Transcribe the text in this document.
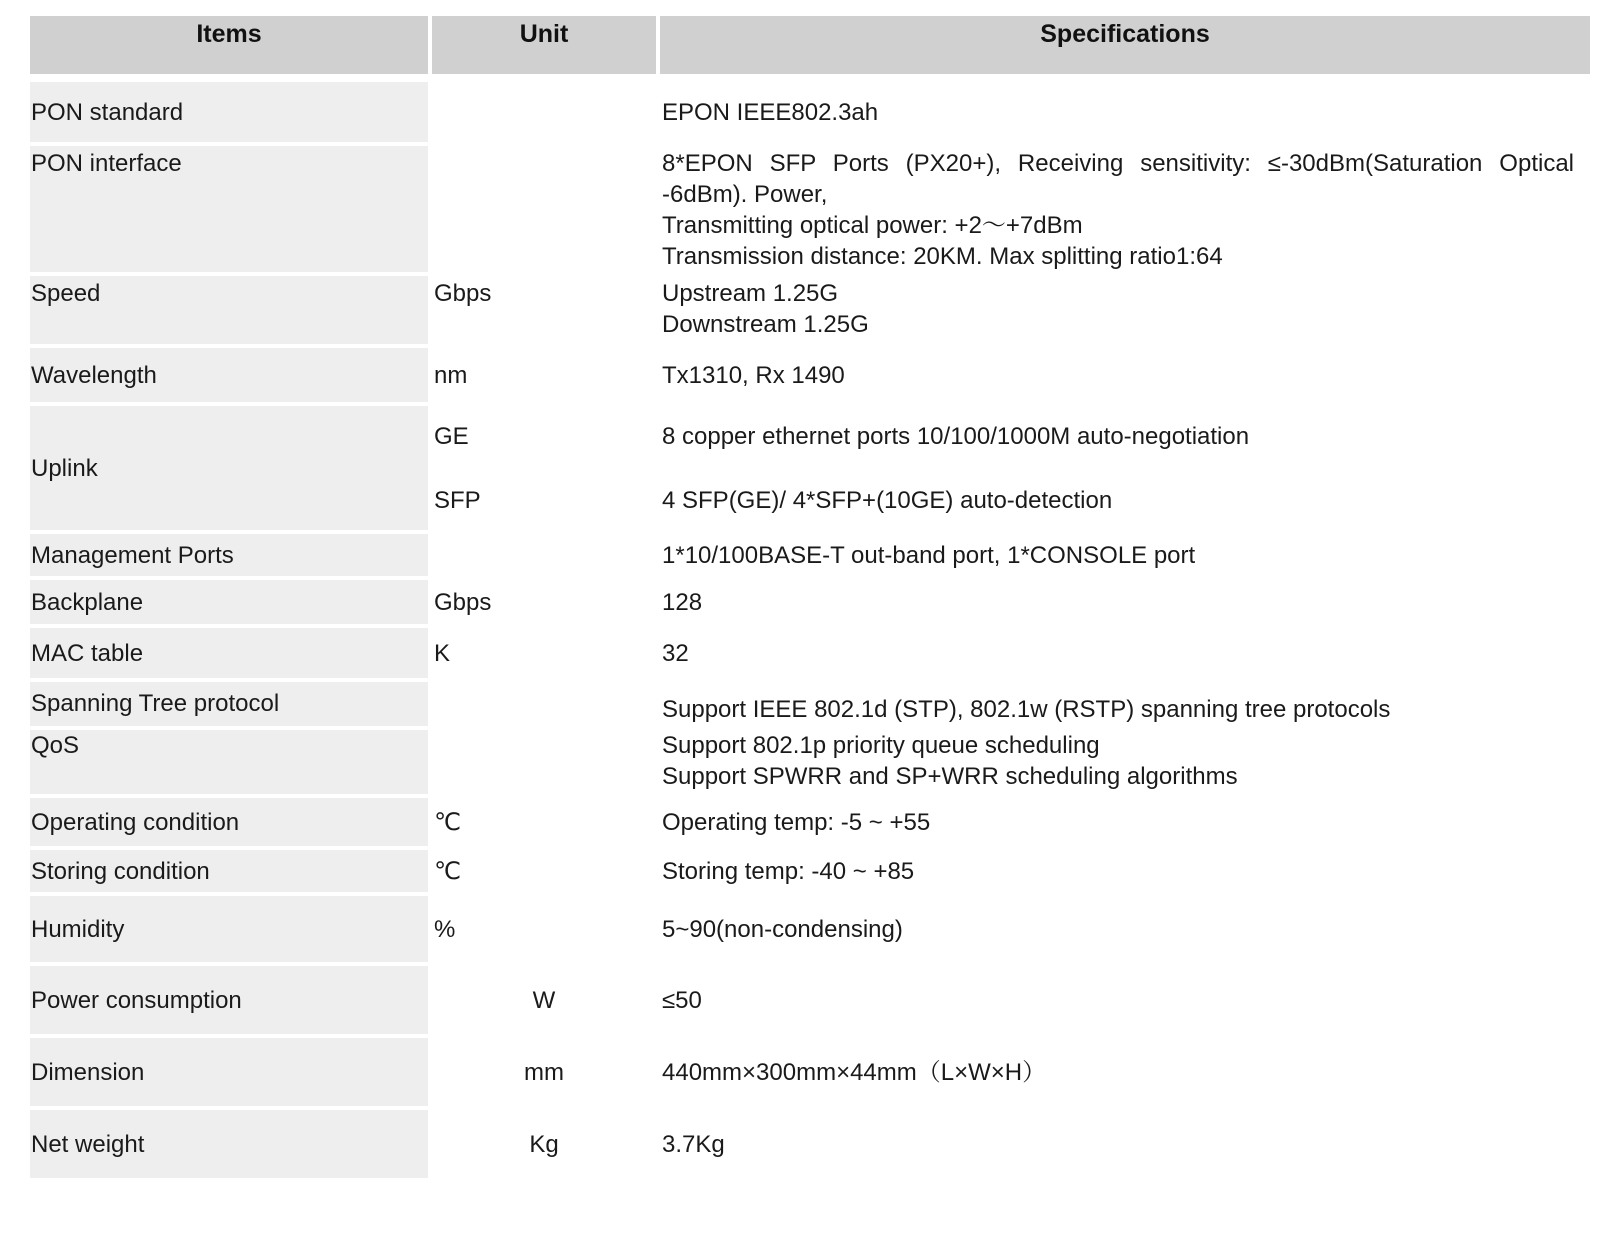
Items		Unit		Specifications

PON standard				EPON IEEE802.3ah

PON interface				8*EPON SFP Ports (PX20+), Receiving sensitivity: ≤-30dBm(Saturation Optical -6dBm). Power,
Transmitting optical power: +2～+7dBm
Transmission distance: 20KM. Max splitting ratio1:64

Speed		Gbps		Upstream 1.25G
Downstream 1.25G

Wavelength		nm		Tx1310, Rx 1490

Uplink		GE		8 copper ethernet ports 10/100/1000M auto-negotiation

		SFP		4 SFP(GE)/ 4*SFP+(10GE) auto-detection

Management Ports				1*10/100BASE-T out-band port, 1*CONSOLE port

Backplane		Gbps		128

MAC table		K		32

Spanning Tree protocol				Support IEEE 802.1d (STP), 802.1w (RSTP) spanning tree protocols

QoS				Support 802.1p priority queue scheduling
Support SPWRR and SP+WRR scheduling algorithms

Operating condition		℃		Operating temp: -5 ~ +55

Storing condition		℃		Storing temp: -40 ~ +85

Humidity		%		5~90(non-condensing)

Power consumption		W		≤50

Dimension		mm		440mm×300mm×44mm（L×W×H）

Net weight		Kg		3.7Kg
